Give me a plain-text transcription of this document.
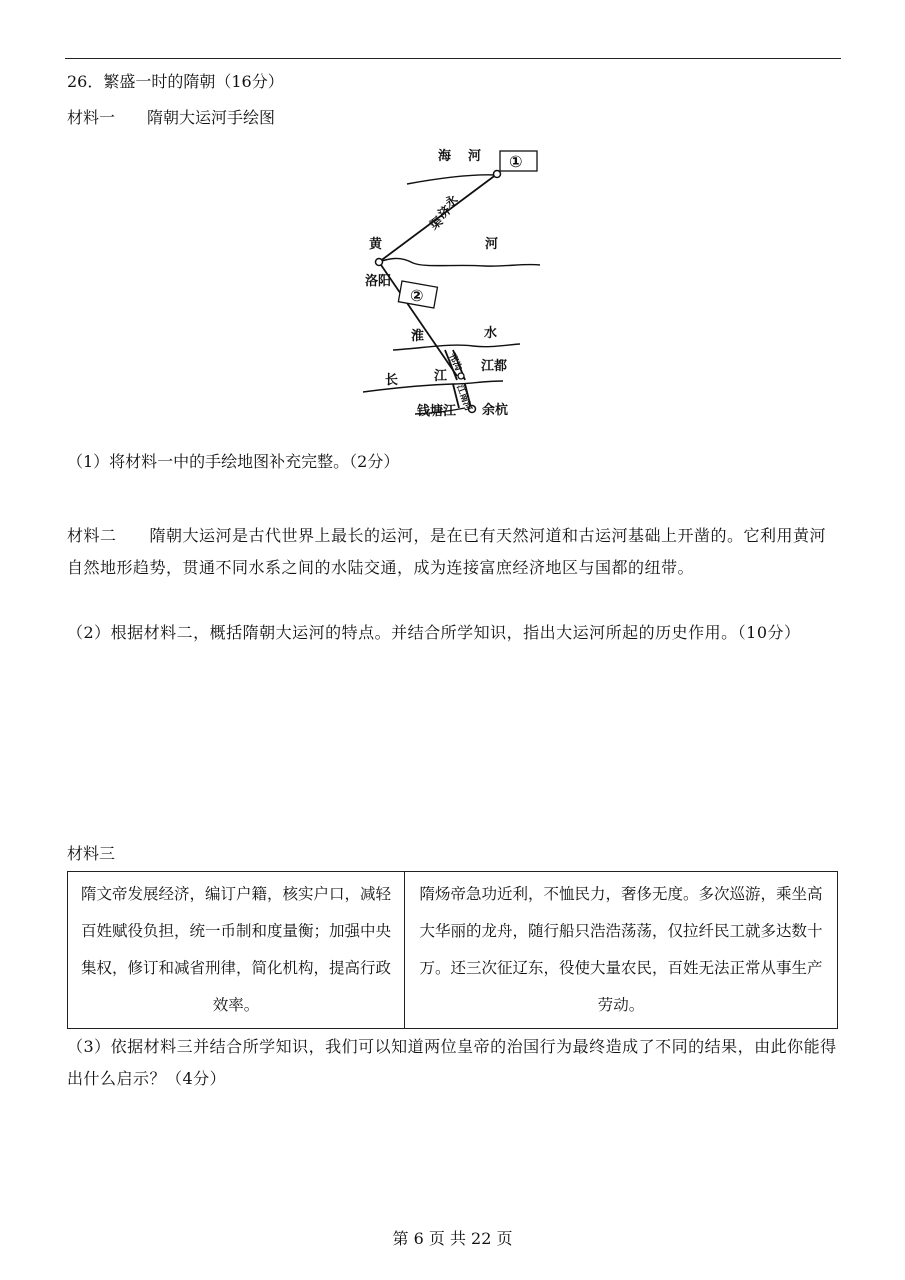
26．繁盛一时的隋朝（16分）
材料一　　隋朝大运河手绘图
①
②
海 河
永
济
渠
黄	河
洛阳
淮	水
江都
长	江
邗沟
江南河
钱塘江 余杭
（1）将材料一中的手绘地图补充完整。（2分）
材料二　　隋朝大运河是古代世界上最长的运河，是在已有天然河道和古运河基础上开凿的。它利用黄河自然地形趋势，贯通不同水系之间的水陆交通，成为连接富庶经济地区与国都的纽带。
（2）根据材料二，概括隋朝大运河的特点。并结合所学知识，指出大运河所起的历史作用。（10分）
材料三
隋文帝发展经济，编订户籍，核实户口，减轻百姓赋役负担，统一币制和度量衡；加强中央集权，修订和减省刑律，简化机构，提高行政效率。	隋炀帝急功近利，不恤民力，奢侈无度。多次巡游，乘坐高大华丽的龙舟，随行船只浩浩荡荡，仅拉纤民工就多达数十万。还三次征辽东，役使大量农民，百姓无法正常从事生产劳动。
（3）依据材料三并结合所学知识，我们可以知道两位皇帝的治国行为最终造成了不同的结果，由此你能得出什么启示？（4分）
第 6 页 共 22 页
